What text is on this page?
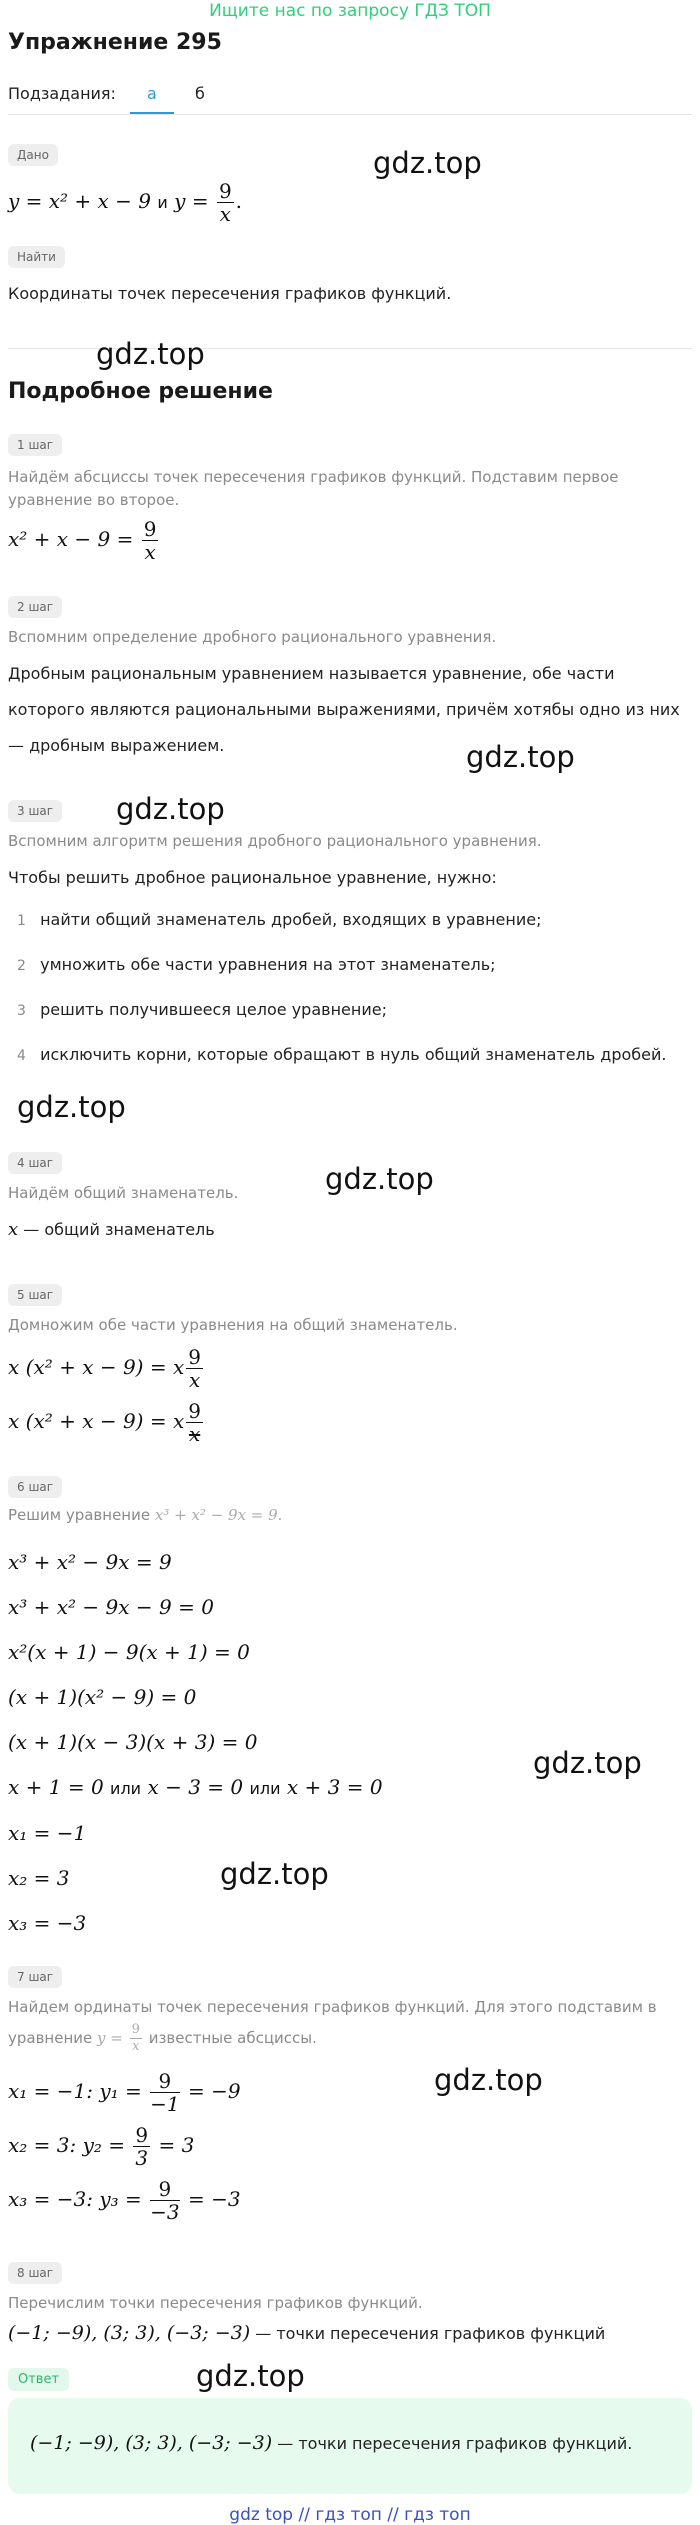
Ищите нас по запросу ГДЗ ТОП
Упражнение 295
Подзадания: а б
Дано
y = x² + x − 9 и $y = \frac{9}{x}$ .
Найти
Координаты точек пересечения графиков функций.
Подробное решение
1 шаг
Найдём абсциссы точек пересечения графиков функций. Подставим первое уравнение во второе.
$x^2 + x - 9 = \frac{9}{x}$
2 шаг
Вспомним определение дробного рационального уравнения.
Дробным рациональным уравнением называется уравнение, обе части которого являются рациональными выражениями, причём хотябы одно из них — дробным выражением.
3 шаг
Вспомним алгоритм решения дробного рационального уравнения.
Чтобы решить дробное рациональное уравнение, нужно:
1 найти общий знаменатель дробей, входящих в уравнение;
2 умножить обе части уравнения на этот знаменатель;
3 решить получившееся целое уравнение;
4 исключить корни, которые обращают в нуль общий знаменатель дробей.
4 шаг
Найдём общий знаменатель.
x — общий знаменатель
5 шаг
Домножим обе части уравнения на общий знаменатель.
x (x² + x − 9) = x $\frac{9}{x}$
x (x² + x − 9) = x $\frac{9}{x}$
6 шаг
Решим уравнение x³ + x² − 9x = 9.
x³ + x² − 9x = 9
x³ + x² − 9x − 9 = 0
x²(x + 1) − 9(x + 1) = 0
(x + 1)(x² − 9) = 0
(x + 1)(x − 3)(x + 3) = 0
x + 1 = 0 или x − 3 = 0 или x + 3 = 0
x₁ = −1
x₂ = 3
x₃ = −3
7 шаг
Найдем ординаты точек пересечения графиков функций. Для этого подставим в
уравнение $y = \frac{9}{x}$ известные абсциссы.
x₁ = −1: $y_1 = \frac{9}{-1} = -9$
x₂ = 3: $y_2 = \frac{9}{3} = 3$
x₃ = −3: $y_3 = \frac{9}{-3} = -3$
8 шаг
Перечислим точки пересечения графиков функций.
(−1; −9), (3; 3), (−3; −3) — точки пересечения графиков функций
Ответ
(−1; −9), (3; 3), (−3; −3) — точки пересечения графиков функций.
gdz.top
gdz.top
gdz.top
gdz.top
gdz.top
gdz.top
gdz.top
gdz.top
gdz.top
gdz.top
gdz top // гдз топ // гдз топ
